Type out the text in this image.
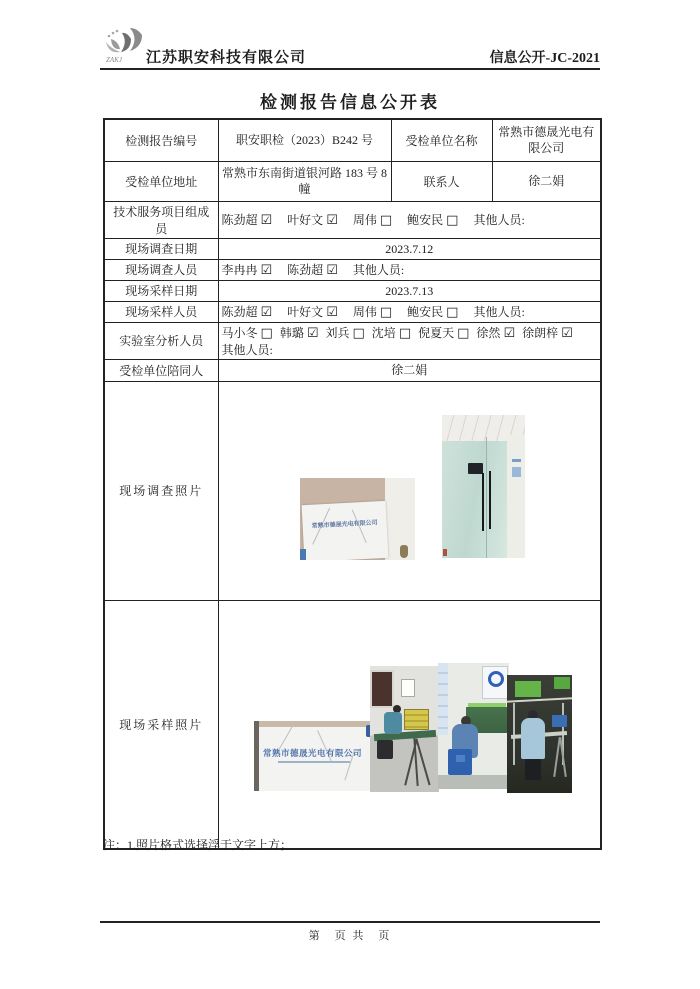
ZAKJ 江苏职安科技有限公司	信息公开-JC-2021
检测报告信息公开表
检测报告编号	职安职检（2023）B242 号	受检单位名称	常熟市德晟光电有限公司
受检单位地址	常熟市东南街道银河路 183 号 8 幢	联系人	徐二娟
技术服务项目组成员	陈劲超 ☑ 叶好文 ☑ 周伟 □ 鲍安民 □ 其他人员:		
现场调查日期	2023.7.12		
现场调查人员	李冉冉 ☑ 陈劲超 ☑ 其他人员:		
现场采样日期	2023.7.13		
现场采样人员	陈劲超 ☑ 叶好文 ☑ 周伟 □ 鲍安民 □ 其他人员:		
实验室分析人员	马小冬 □ 韩璐 ☑ 刘兵 □ 沈培 □ 倪夏天 □ 徐然 ☑ 徐朗梓 ☑
其他人员:		

受检单位陪同人	徐二娟		
现场调查照片	常熟市德晟光电有限公司		

现场采样照片	常熟市德晟光电有限公司		
注：1.照片格式选择浮于文字上方；
第　页 共　页
